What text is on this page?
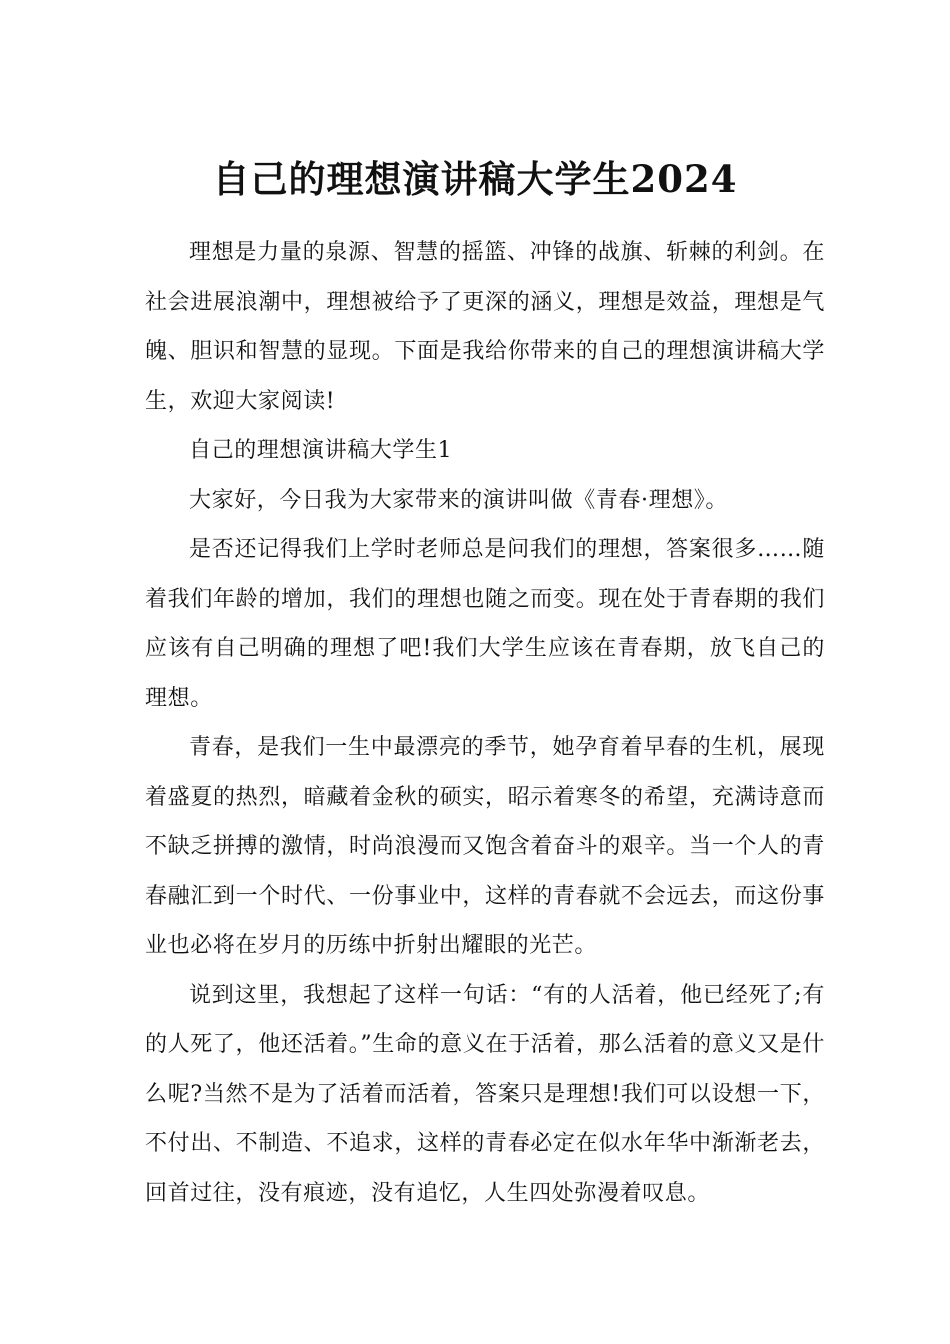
自己的理想演讲稿大学生2024

理想是力量的泉源、智慧的摇篮、冲锋的战旗、斩棘的利剑。在社会进展浪潮中，理想被给予了更深的涵义，理想是效益，理想是气魄、胆识和智慧的显现。下面是我给你带来的自己的理想演讲稿大学生，欢迎大家阅读!

自己的理想演讲稿大学生1

大家好，今日我为大家带来的演讲叫做《青春·理想》。

是否还记得我们上学时老师总是问我们的理想，答案很多……随着我们年龄的增加，我们的理想也随之而变。现在处于青春期的我们应该有自己明确的理想了吧!我们大学生应该在青春期，放飞自己的理想。

青春，是我们一生中最漂亮的季节，她孕育着早春的生机，展现着盛夏的热烈，暗藏着金秋的硕实，昭示着寒冬的希望，充满诗意而不缺乏拼搏的激情，时尚浪漫而又饱含着奋斗的艰辛。当一个人的青春融汇到一个时代、一份事业中，这样的青春就不会远去，而这份事业也必将在岁月的历练中折射出耀眼的光芒。

说到这里，我想起了这样一句话：“有的人活着，他已经死了;有的人死了，他还活着。”生命的意义在于活着，那么活着的意义又是什么呢?当然不是为了活着而活着，答案只是理想!我们可以设想一下，不付出、不制造、不追求，这样的青春必定在似水年华中渐渐老去，回首过往，没有痕迹，没有追忆，人生四处弥漫着叹息。
